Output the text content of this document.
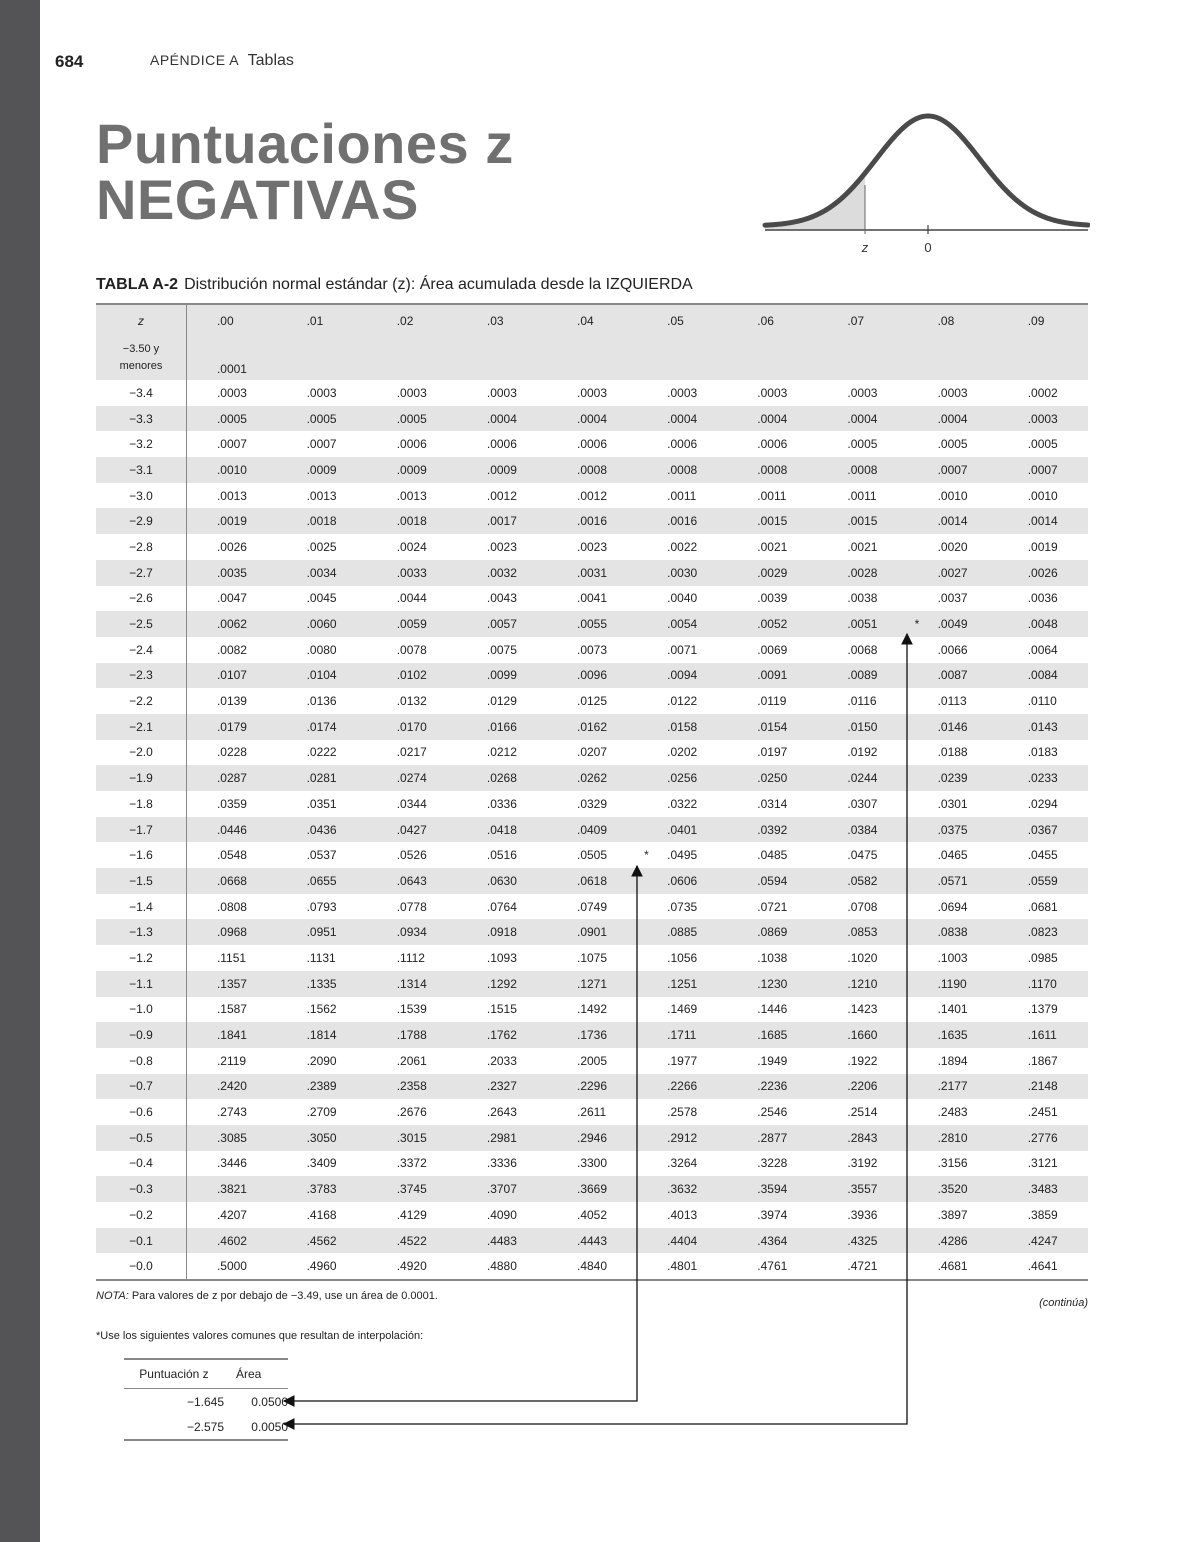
684	APÉNDICE A Tablas
Puntuaciones z
NEGATIVAS
z	0
TABLA A-2 Distribución normal estándar (z): Área acumulada desde la IZQUIERDA
z	.00	.01	.02	.03	.04	.05	.06	.07	.08	.09
−3.50 y
menores	.0001									
−3.4	.0003	.0003	.0003	.0003	.0003	.0003	.0003	.0003	.0003	.0002
−3.3	.0005	.0005	.0005	.0004	.0004	.0004	.0004	.0004	.0004	.0003
−3.2	.0007	.0007	.0006	.0006	.0006	.0006	.0006	.0005	.0005	.0005
−3.1	.0010	.0009	.0009	.0009	.0008	.0008	.0008	.0008	.0007	.0007
−3.0	.0013	.0013	.0013	.0012	.0012	.0011	.0011	.0011	.0010	.0010
−2.9	.0019	.0018	.0018	.0017	.0016	.0016	.0015	.0015	.0014	.0014
−2.8	.0026	.0025	.0024	.0023	.0023	.0022	.0021	.0021	.0020	.0019
−2.7	.0035	.0034	.0033	.0032	.0031	.0030	.0029	.0028	.0027	.0026
−2.6	.0047	.0045	.0044	.0043	.0041	.0040	.0039	.0038	.0037	.0036
−2.5	.0062	.0060	.0059	.0057	.0055	.0054	.0052	.0051	* .0049	.0048
−2.4	.0082	.0080	.0078	.0075	.0073	.0071	.0069	.0068	.0066	.0064
−2.3	.0107	.0104	.0102	.0099	.0096	.0094	.0091	.0089	.0087	.0084
−2.2	.0139	.0136	.0132	.0129	.0125	.0122	.0119	.0116	.0113	.0110
−2.1	.0179	.0174	.0170	.0166	.0162	.0158	.0154	.0150	.0146	.0143
−2.0	.0228	.0222	.0217	.0212	.0207	.0202	.0197	.0192	.0188	.0183
−1.9	.0287	.0281	.0274	.0268	.0262	.0256	.0250	.0244	.0239	.0233
−1.8	.0359	.0351	.0344	.0336	.0329	.0322	.0314	.0307	.0301	.0294
−1.7	.0446	.0436	.0427	.0418	.0409	.0401	.0392	.0384	.0375	.0367
−1.6	.0548	.0537	.0526	.0516	.0505	* .0495	.0485	.0475	.0465	.0455
−1.5	.0668	.0655	.0643	.0630	.0618	.0606	.0594	.0582	.0571	.0559
−1.4	.0808	.0793	.0778	.0764	.0749	.0735	.0721	.0708	.0694	.0681
−1.3	.0968	.0951	.0934	.0918	.0901	.0885	.0869	.0853	.0838	.0823
−1.2	.1151	.1131	.1112	.1093	.1075	.1056	.1038	.1020	.1003	.0985
−1.1	.1357	.1335	.1314	.1292	.1271	.1251	.1230	.1210	.1190	.1170
−1.0	.1587	.1562	.1539	.1515	.1492	.1469	.1446	.1423	.1401	.1379
−0.9	.1841	.1814	.1788	.1762	.1736	.1711	.1685	.1660	.1635	.1611
−0.8	.2119	.2090	.2061	.2033	.2005	.1977	.1949	.1922	.1894	.1867
−0.7	.2420	.2389	.2358	.2327	.2296	.2266	.2236	.2206	.2177	.2148
−0.6	.2743	.2709	.2676	.2643	.2611	.2578	.2546	.2514	.2483	.2451
−0.5	.3085	.3050	.3015	.2981	.2946	.2912	.2877	.2843	.2810	.2776
−0.4	.3446	.3409	.3372	.3336	.3300	.3264	.3228	.3192	.3156	.3121
−0.3	.3821	.3783	.3745	.3707	.3669	.3632	.3594	.3557	.3520	.3483
−0.2	.4207	.4168	.4129	.4090	.4052	.4013	.3974	.3936	.3897	.3859
−0.1	.4602	.4562	.4522	.4483	.4443	.4404	.4364	.4325	.4286	.4247
−0.0	.5000	.4960	.4920	.4880	.4840	.4801	.4761	.4721	.4681	.4641
NOTA: Para valores de z por debajo de −3.49, use un área de 0.0001.
(continúa)
*Use los siguientes valores comunes que resultan de interpolación:
Puntuación z	Área
−1.645	0.0500
−2.575	0.0050
